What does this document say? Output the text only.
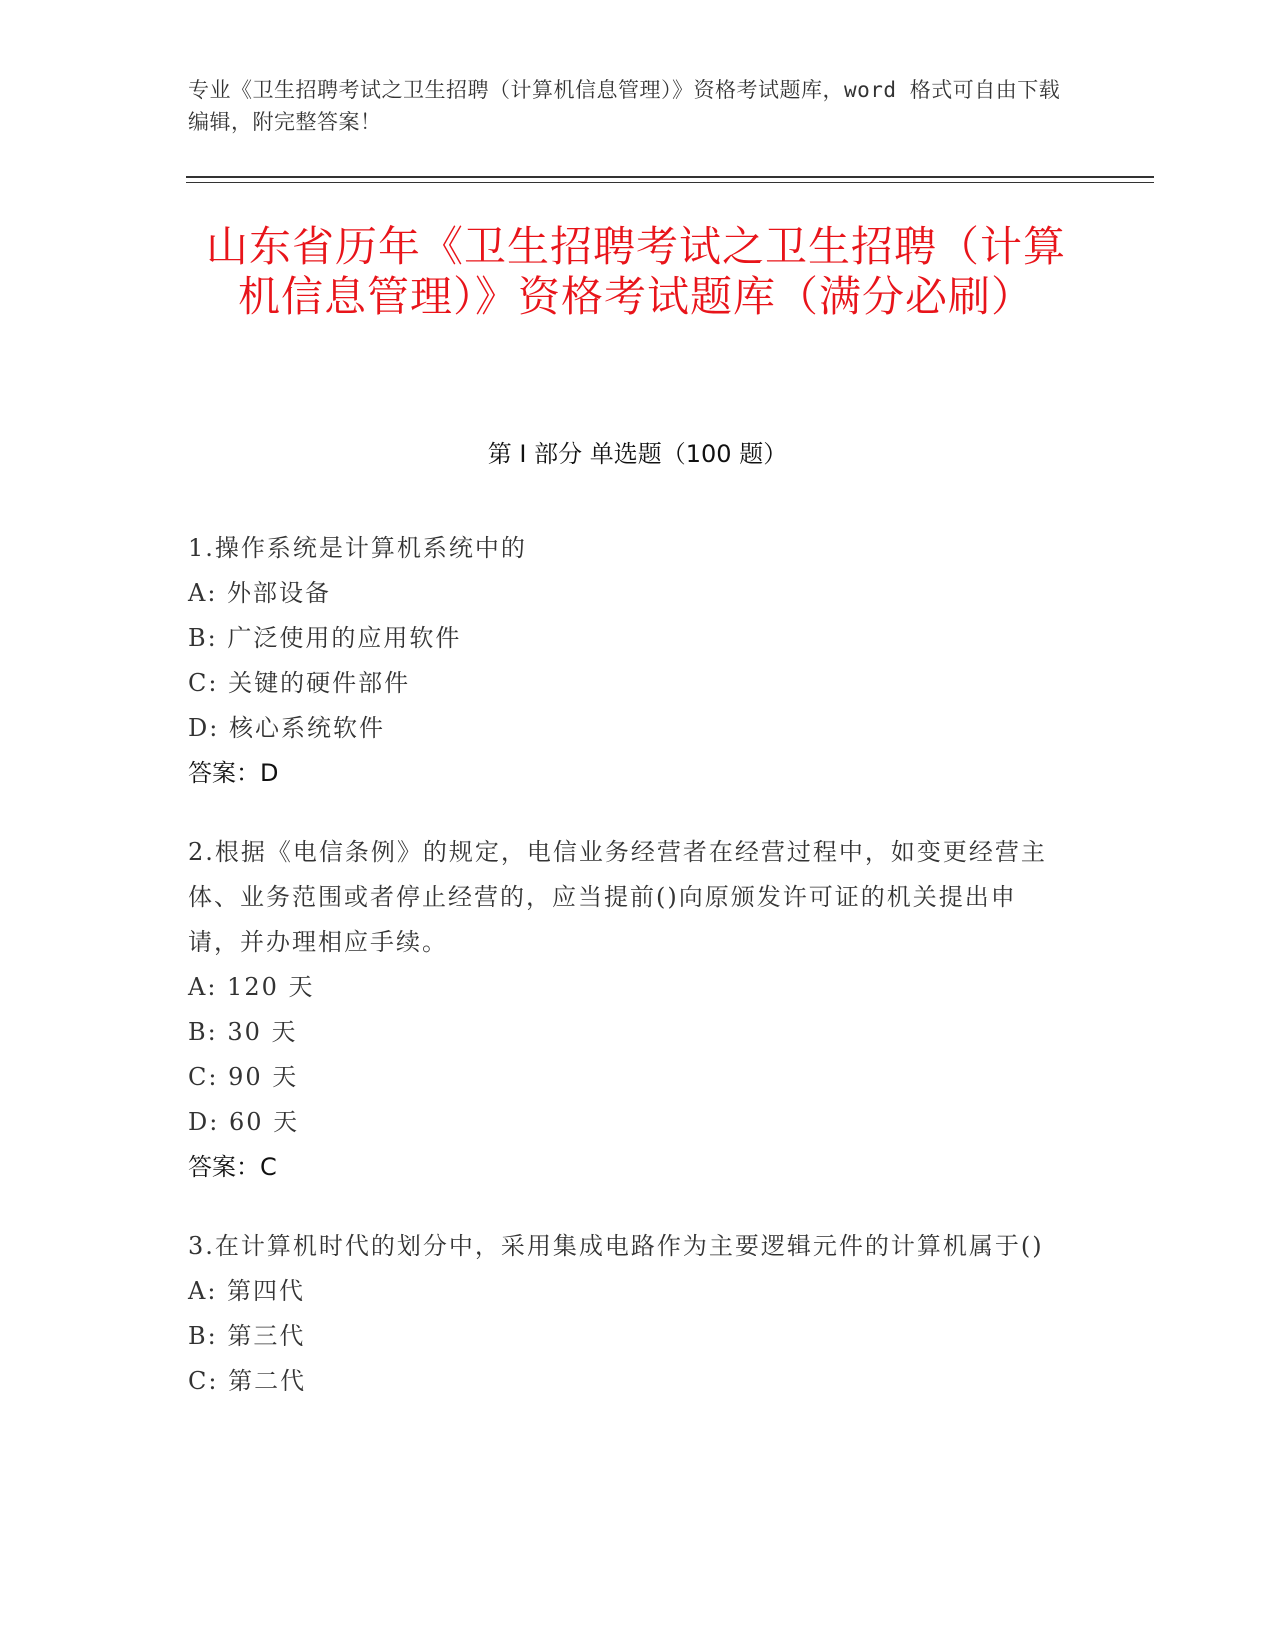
专业《卫生招聘考试之卫生招聘（计算机信息管理）》资格考试题库，word 格式可自由下载编辑，附完整答案！
山东省历年《卫生招聘考试之卫生招聘（计算机信息管理）》资格考试题库（满分必刷）
第 I 部分 单选题（100 题）

1.操作系统是计算机系统中的

A: 外部设备

B: 广泛使用的应用软件

C: 关键的硬件部件

D: 核心系统软件

答案：D

2.根据《电信条例》的规定，电信业务经营者在经营过程中，如变更经营主体、业务范围或者停止经营的，应当提前()向原颁发许可证的机关提出申请，并办理相应手续。

A: 120 天

B: 30 天

C: 90 天

D: 60 天

答案：C

3.在计算机时代的划分中，采用集成电路作为主要逻辑元件的计算机属于()

A: 第四代

B: 第三代

C: 第二代
